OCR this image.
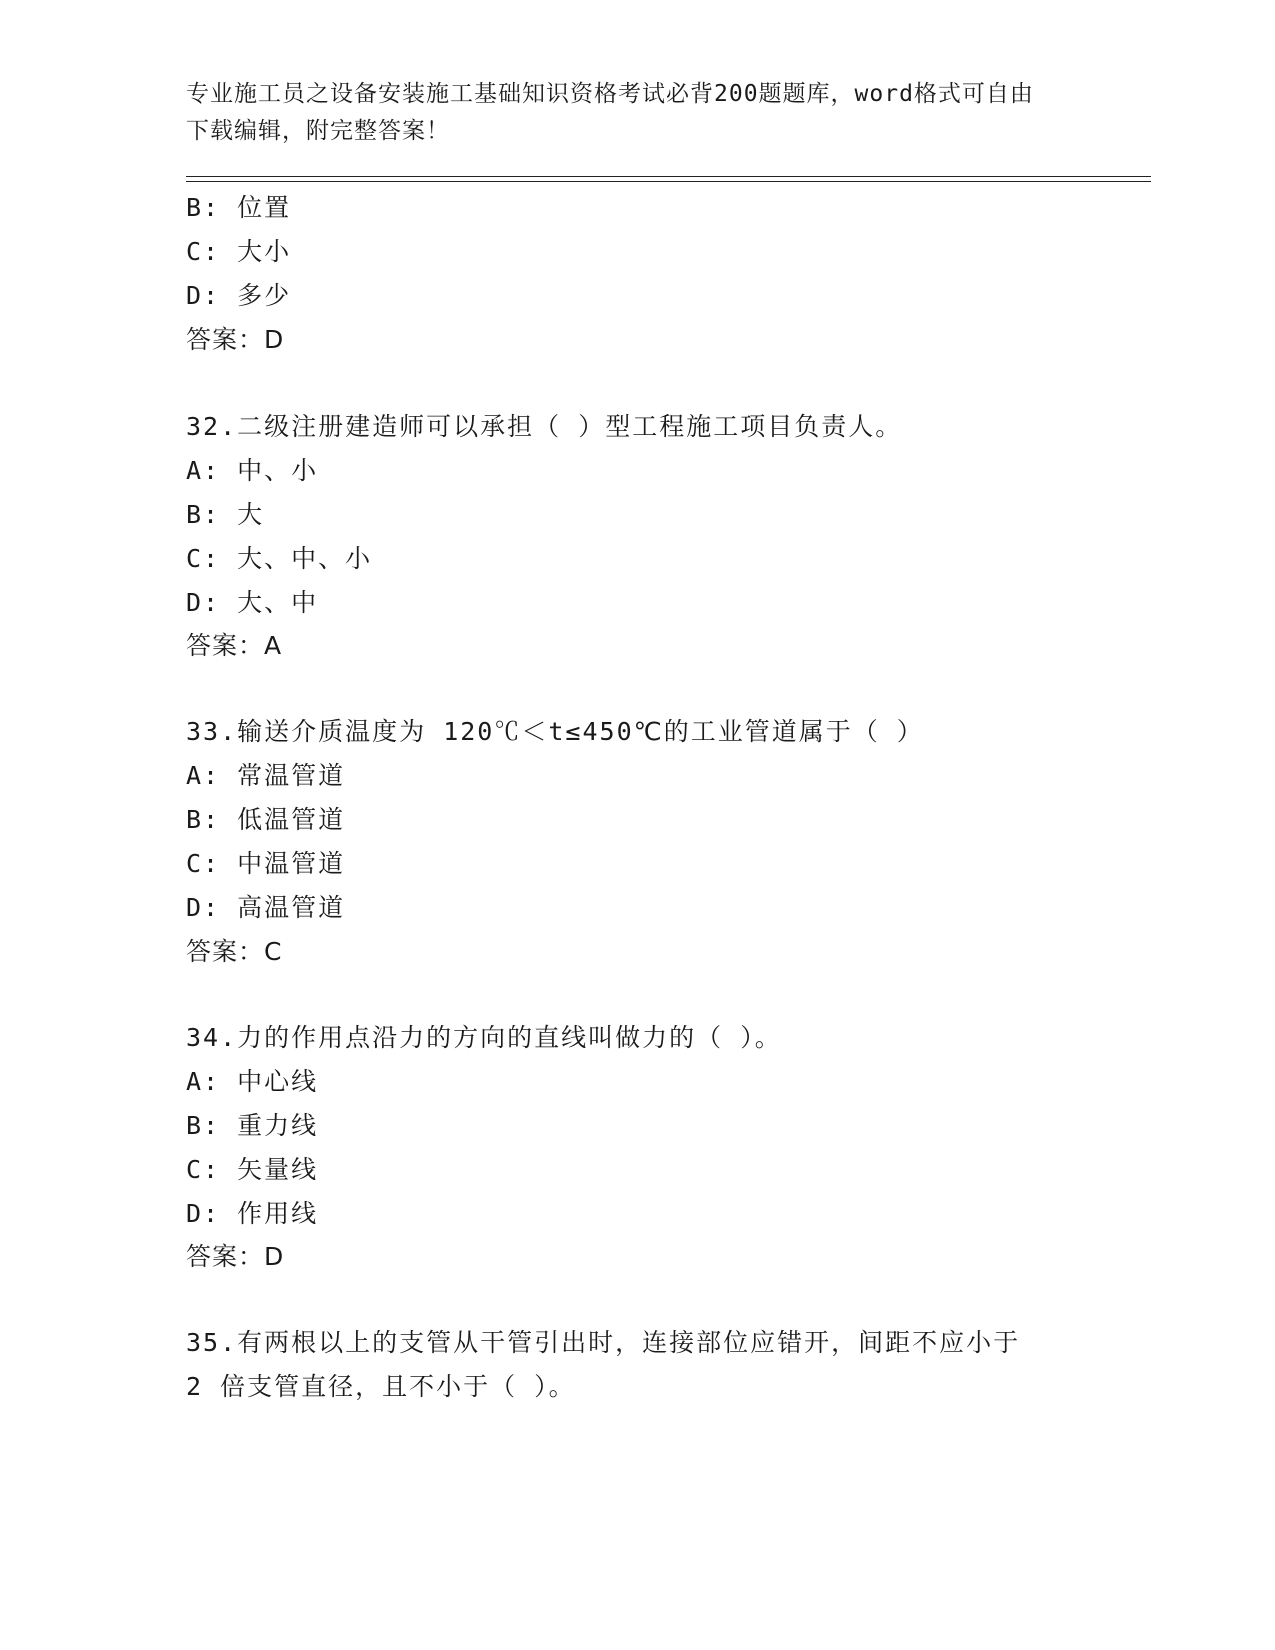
专业施工员之设备安装施工基础知识资格考试必背200题题库，word格式可自由
下载编辑，附完整答案！
B: 位置
C: 大小
D: 多少
答案：D
32.二级注册建造师可以承担（ ）型工程施工项目负责人。
A: 中、小
B: 大
C: 大、中、小
D: 大、中
答案：A
33.输送介质温度为 120℃＜t≤450℃的工业管道属于（ ）
A: 常温管道
B: 低温管道
C: 中温管道
D: 高温管道
答案：C
34.力的作用点沿力的方向的直线叫做力的（ ）。
A: 中心线
B: 重力线
C: 矢量线
D: 作用线
答案：D
35.有两根以上的支管从干管引出时，连接部位应错开，间距不应小于
2 倍支管直径，且不小于（ ）。
